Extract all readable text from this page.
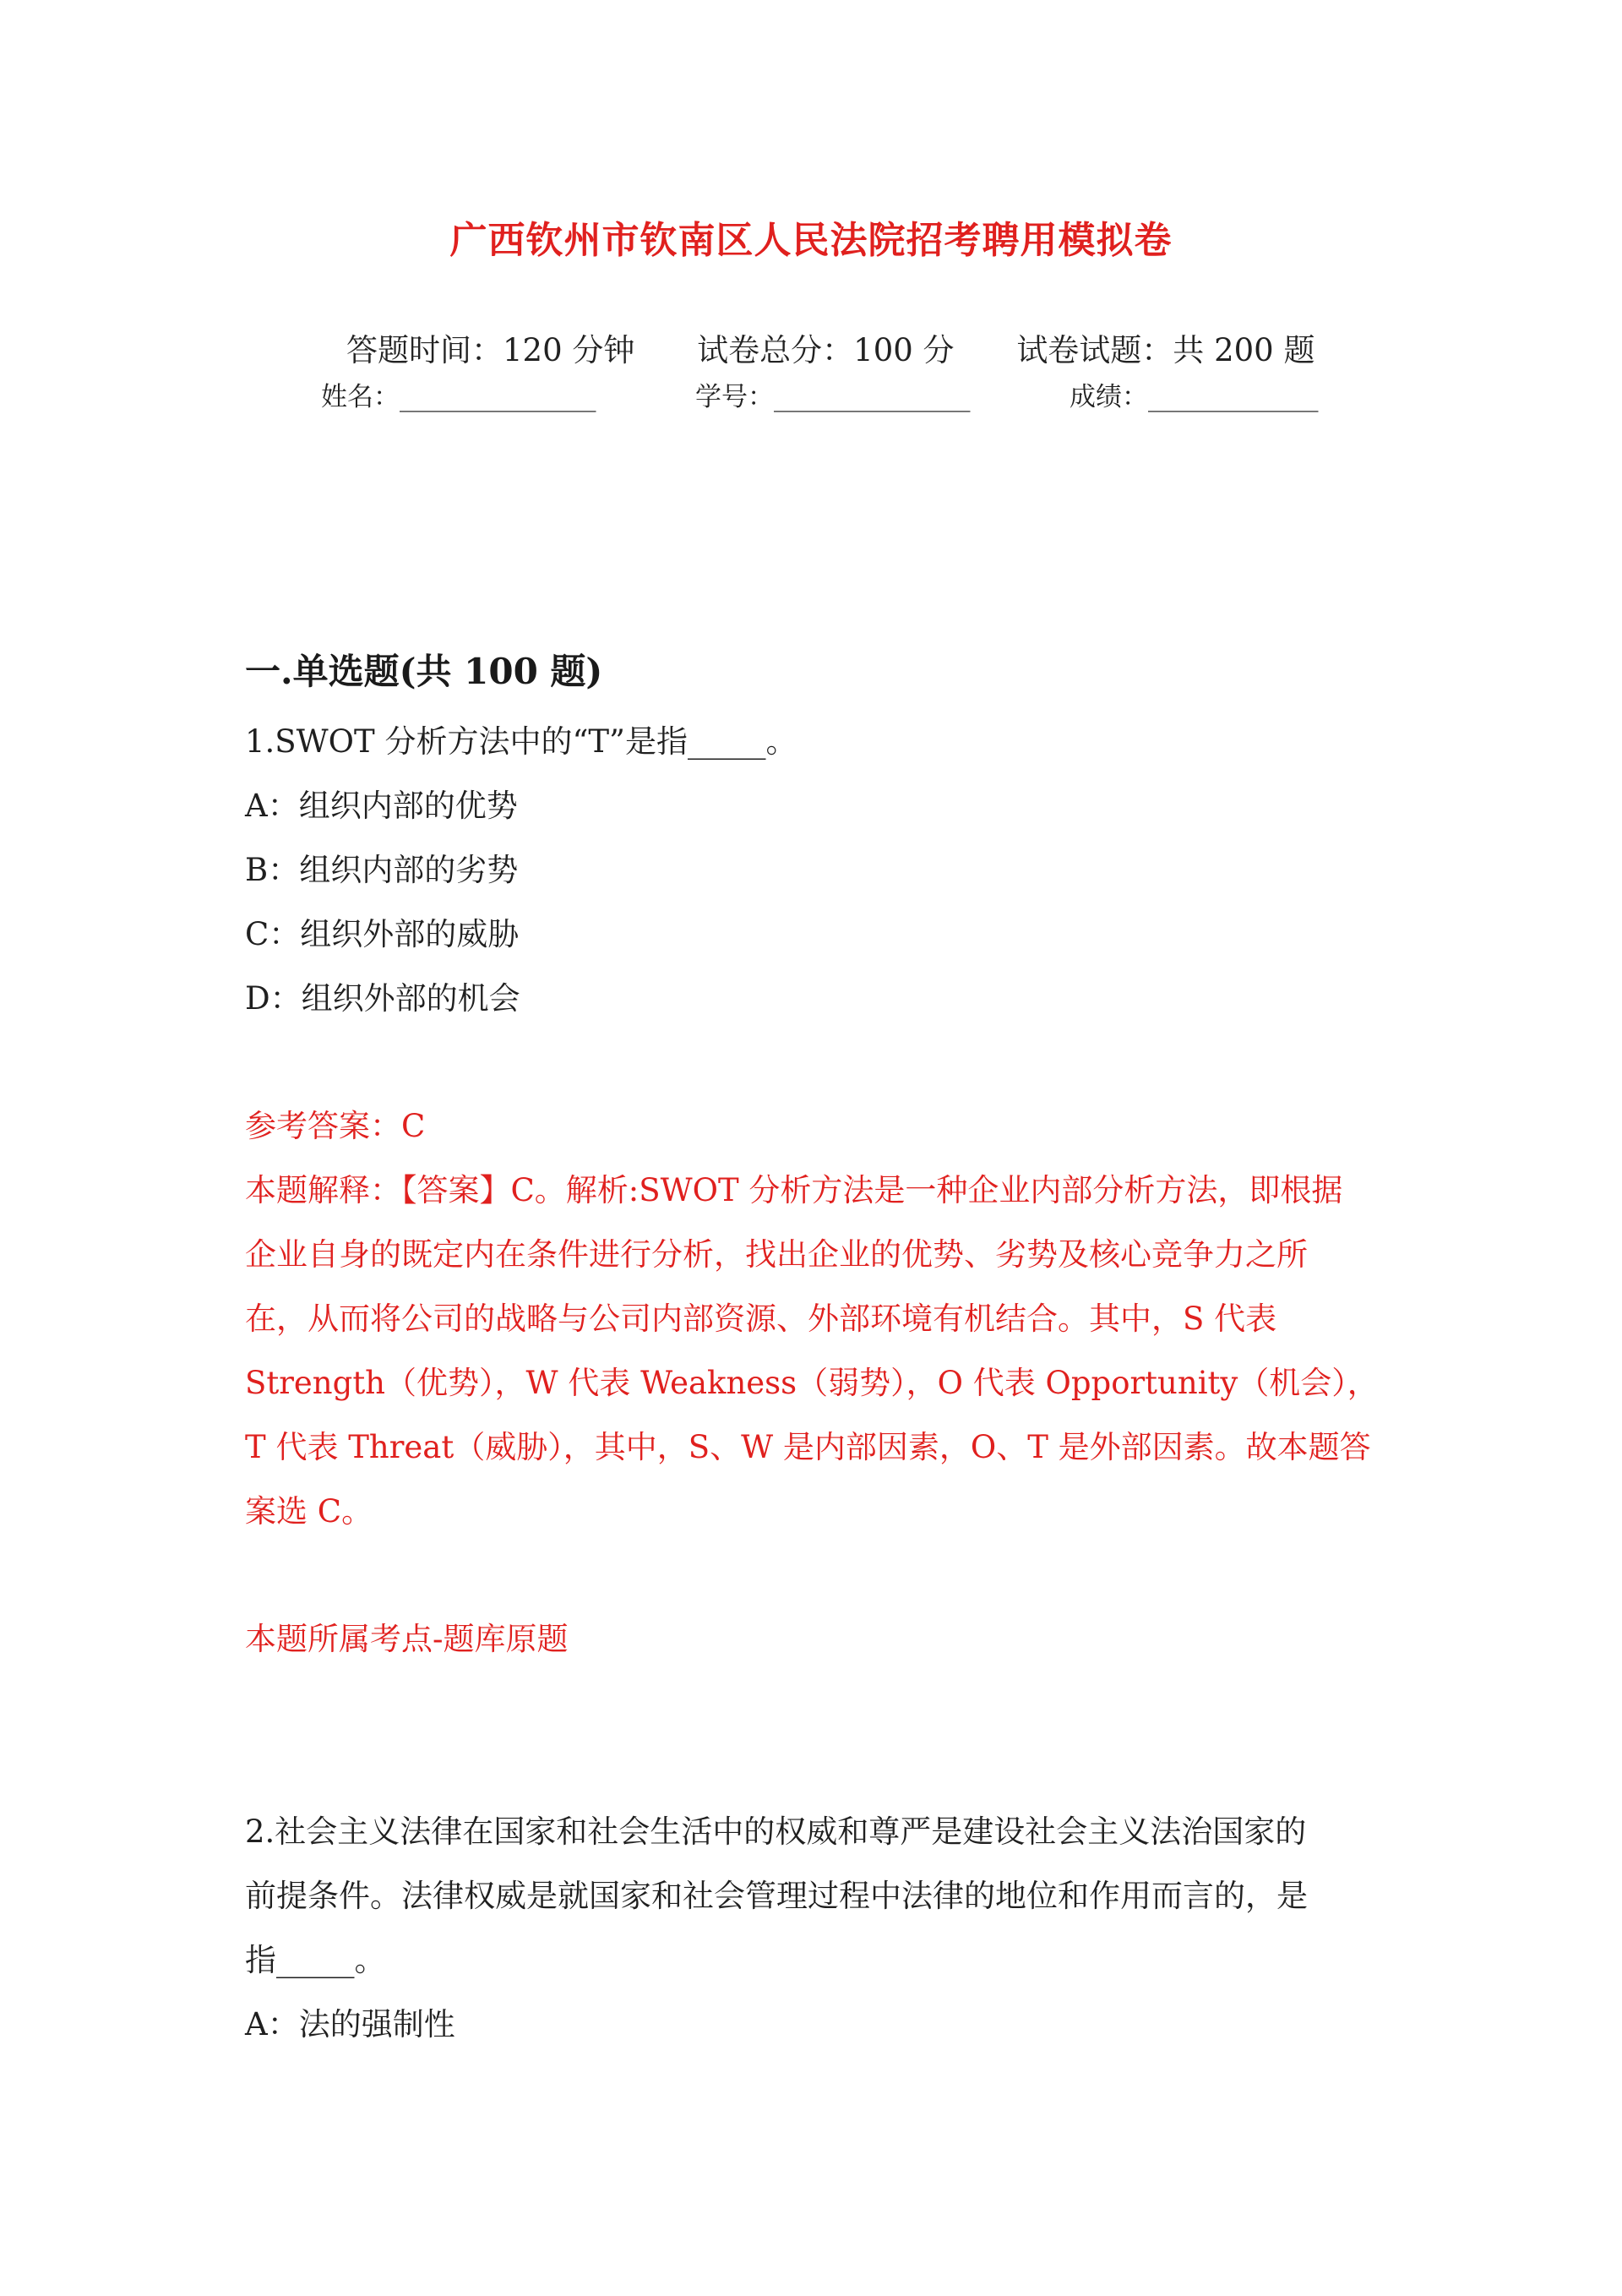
广西钦州市钦南区人民法院招考聘用模拟卷
答题时间：120 分钟 试卷总分：100 分 试卷试题：共 200 题
姓名：_______________	学号：_______________	成绩：_____________
一.单选题(共 100 题)
1.SWOT 分析方法中的“T”是指_____。
A：组织内部的优势
B：组织内部的劣势
C：组织外部的威胁
D：组织外部的机会
参考答案：C
本题解释：【答案】C。解析:SWOT 分析方法是一种企业内部分析方法，即根据
企业自身的既定内在条件进行分析，找出企业的优势、劣势及核心竞争力之所
在，从而将公司的战略与公司内部资源、外部环境有机结合。其中，S 代表
Strength（优势），W 代表 Weakness（弱势），O 代表 Opportunity（机会），
T 代表 Threat（威胁），其中，S、W 是内部因素，O、T 是外部因素。故本题答
案选 C。
本题所属考点-题库原题
2.社会主义法律在国家和社会生活中的权威和尊严是建设社会主义法治国家的
前提条件。法律权威是就国家和社会管理过程中法律的地位和作用而言的，是
指_____。
A：法的强制性
